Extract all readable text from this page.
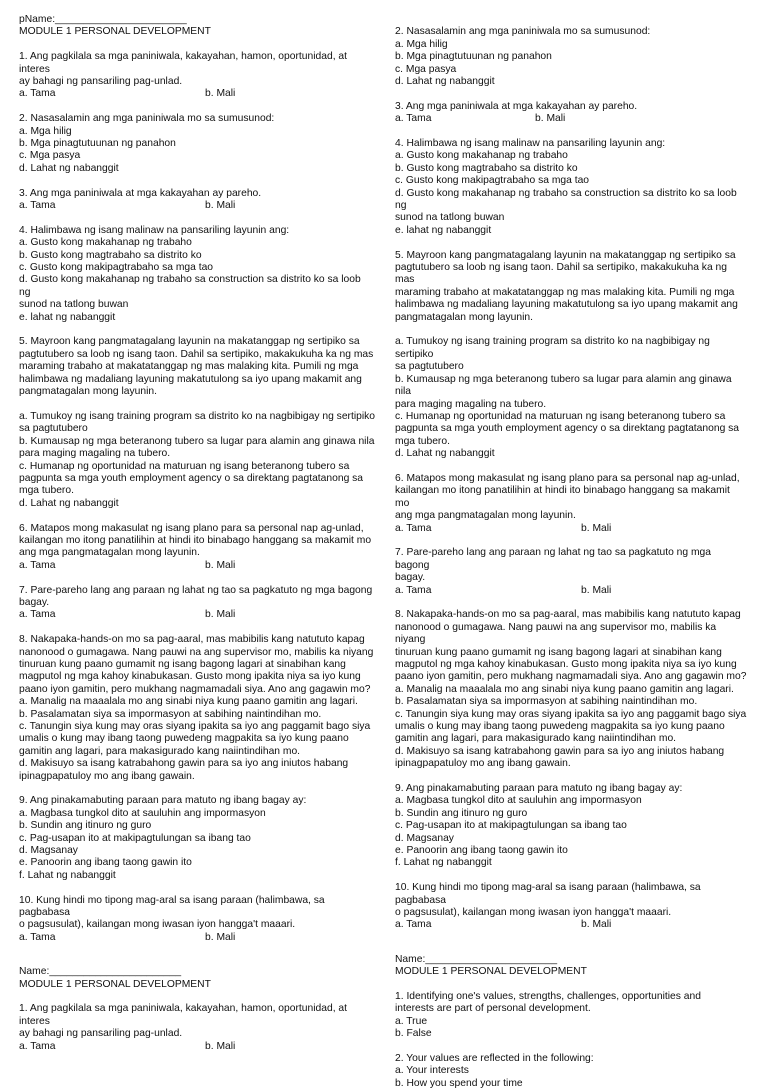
pName:_______________________
MODULE 1 PERSONAL DEVELOPMENT
1. Ang pagkilala sa mga paniniwala, kakayahan, hamon, oportunidad, at interes
ay bahagi ng pansariling pag-unlad.
a. Tama	b. Mali
2. Nasasalamin ang mga paniniwala mo sa sumusunod:
a. Mga hilig
b. Mga pinagtutuunan ng panahon
c. Mga pasya
d. Lahat ng nabanggit
3. Ang mga paniniwala at mga kakayahan ay pareho.
a. Tama	b. Mali
4. Halimbawa ng isang malinaw na pansariling layunin ang:
a. Gusto kong makahanap ng trabaho
b. Gusto kong magtrabaho sa distrito ko
c. Gusto kong makipagtrabaho sa mga tao
d. Gusto kong makahanap ng trabaho sa construction sa distrito ko sa loob ng
sunod na tatlong buwan
e. lahat ng nabanggit
5. Mayroon kang pangmatagalang layunin na makatanggap ng sertipiko sa
pagtutubero sa loob ng isang taon. Dahil sa sertipiko, makakukuha ka ng mas
maraming trabaho at makatatanggap ng mas malaking kita. Pumili ng mga
halimbawa ng madaliang layuning makatutulong sa iyo upang makamit ang
pangmatagalan mong layunin.
a. Tumukoy ng isang training program sa distrito ko na nagbibigay ng sertipiko
sa pagtutubero
b. Kumausap ng mga beteranong tubero sa lugar para alamin ang ginawa nila
para maging magaling na tubero.
c. Humanap ng oportunidad na maturuan ng isang beteranong tubero sa
pagpunta sa mga youth employment agency o sa direktang pagtatanong sa
mga tubero.
d. Lahat ng nabanggit
6. Matapos mong makasulat ng isang plano para sa personal nap ag-unlad,
kailangan mo itong panatilihin at hindi ito binabago hanggang sa makamit mo
ang mga pangmatagalan mong layunin.
a. Tama	b. Mali
7. Pare-pareho lang ang paraan ng lahat ng tao sa pagkatuto ng mga bagong
bagay.
a. Tama	b. Mali
8. Nakapaka-hands-on mo sa pag-aaral, mas mabibilis kang natututo kapag
nanonood o gumagawa. Nang pauwi na ang supervisor mo, mabilis ka niyang
tinuruan kung paano gumamit ng isang bagong lagari at sinabihan kang
magputol ng mga kahoy kinabukasan. Gusto mong ipakita niya sa iyo kung
paano iyon gamitin, pero mukhang nagmamadali siya. Ano ang gagawin mo?
a. Manalig na maaalala mo ang sinabi niya kung paano gamitin ang lagari.
b. Pasalamatan siya sa impormasyon at sabihing naintindihan mo.
c. Tanungin siya kung may oras siyang ipakita sa iyo ang paggamit bago siya
umalis o kung may ibang taong puwedeng magpakita sa iyo kung paano
gamitin ang lagari, para makasigurado kang naiintindihan mo.
d. Makisuyo sa isang katrabahong gawin para sa iyo ang iniutos habang
ipinagpapatuloy mo ang ibang gawain.
9. Ang pinakamabuting paraan para matuto ng ibang bagay ay:
a. Magbasa tungkol dito at sauluhin ang impormasyon
b. Sundin ang itinuro ng guro
c. Pag-usapan ito at makipagtulungan sa ibang tao
d. Magsanay
e. Panoorin ang ibang taong gawin ito
f. Lahat ng nabanggit
10. Kung hindi mo tipong mag-aral sa isang paraan (halimbawa, sa pagbabasa
o pagsusulat), kailangan mong iwasan iyon hangga't maaari.
a. Tama	b. Mali
Name:_______________________
MODULE 1 PERSONAL DEVELOPMENT
1. Ang pagkilala sa mga paniniwala, kakayahan, hamon, oportunidad, at interes
ay bahagi ng pansariling pag-unlad.
a. Tama	b. Mali
2. Nasasalamin ang mga paniniwala mo sa sumusunod:
a. Mga hilig
b. Mga pinagtutuunan ng panahon
c. Mga pasya
d. Lahat ng nabanggit
3. Ang mga paniniwala at mga kakayahan ay pareho.
a. Tama	b. Mali
4. Halimbawa ng isang malinaw na pansariling layunin ang:
a. Gusto kong makahanap ng trabaho
b. Gusto kong magtrabaho sa distrito ko
c. Gusto kong makipagtrabaho sa mga tao
d. Gusto kong makahanap ng trabaho sa construction sa distrito ko sa loob ng
sunod na tatlong buwan
e. lahat ng nabanggit
5. Mayroon kang pangmatagalang layunin na makatanggap ng sertipiko sa
pagtutubero sa loob ng isang taon. Dahil sa sertipiko, makakukuha ka ng mas
maraming trabaho at makatatanggap ng mas malaking kita. Pumili ng mga
halimbawa ng madaliang layuning makatutulong sa iyo upang makamit ang
pangmatagalan mong layunin.
a. Tumukoy ng isang training program sa distrito ko na nagbibigay ng sertipiko
sa pagtutubero
b. Kumausap ng mga beteranong tubero sa lugar para alamin ang ginawa nila
para maging magaling na tubero.
c. Humanap ng oportunidad na maturuan ng isang beteranong tubero sa
pagpunta sa mga youth employment agency o sa direktang pagtatanong sa
mga tubero.
d. Lahat ng nabanggit
6. Matapos mong makasulat ng isang plano para sa personal nap ag-unlad,
kailangan mo itong panatilihin at hindi ito binabago hanggang sa makamit mo
ang mga pangmatagalan mong layunin.
a. Tama	b. Mali
7. Pare-pareho lang ang paraan ng lahat ng tao sa pagkatuto ng mga bagong
bagay.
a. Tama	b. Mali
8. Nakapaka-hands-on mo sa pag-aaral, mas mabibilis kang natututo kapag
nanonood o gumagawa. Nang pauwi na ang supervisor mo, mabilis ka niyang
tinuruan kung paano gumamit ng isang bagong lagari at sinabihan kang
magputol ng mga kahoy kinabukasan. Gusto mong ipakita niya sa iyo kung
paano iyon gamitin, pero mukhang nagmamadali siya. Ano ang gagawin mo?
a. Manalig na maaalala mo ang sinabi niya kung paano gamitin ang lagari.
b. Pasalamatan siya sa impormasyon at sabihing naintindihan mo.
c. Tanungin siya kung may oras siyang ipakita sa iyo ang paggamit bago siya
umalis o kung may ibang taong puwedeng magpakita sa iyo kung paano
gamitin ang lagari, para makasigurado kang naiintindihan mo.
d. Makisuyo sa isang katrabahong gawin para sa iyo ang iniutos habang
ipinagpapatuloy mo ang ibang gawain.
9. Ang pinakamabuting paraan para matuto ng ibang bagay ay:
a. Magbasa tungkol dito at sauluhin ang impormasyon
b. Sundin ang itinuro ng guro
c. Pag-usapan ito at makipagtulungan sa ibang tao
d. Magsanay
e. Panoorin ang ibang taong gawin ito
f. Lahat ng nabanggit
10. Kung hindi mo tipong mag-aral sa isang paraan (halimbawa, sa pagbabasa
o pagsusulat), kailangan mong iwasan iyon hangga't maaari.
a. Tama	b. Mali
Name:_______________________
MODULE 1 PERSONAL DEVELOPMENT
1. Identifying one's values, strengths, challenges, opportunities and
interests are part of personal development.
a. True
b. False
2. Your values are reflected in the following:
a. Your interests
b. How you spend your time
